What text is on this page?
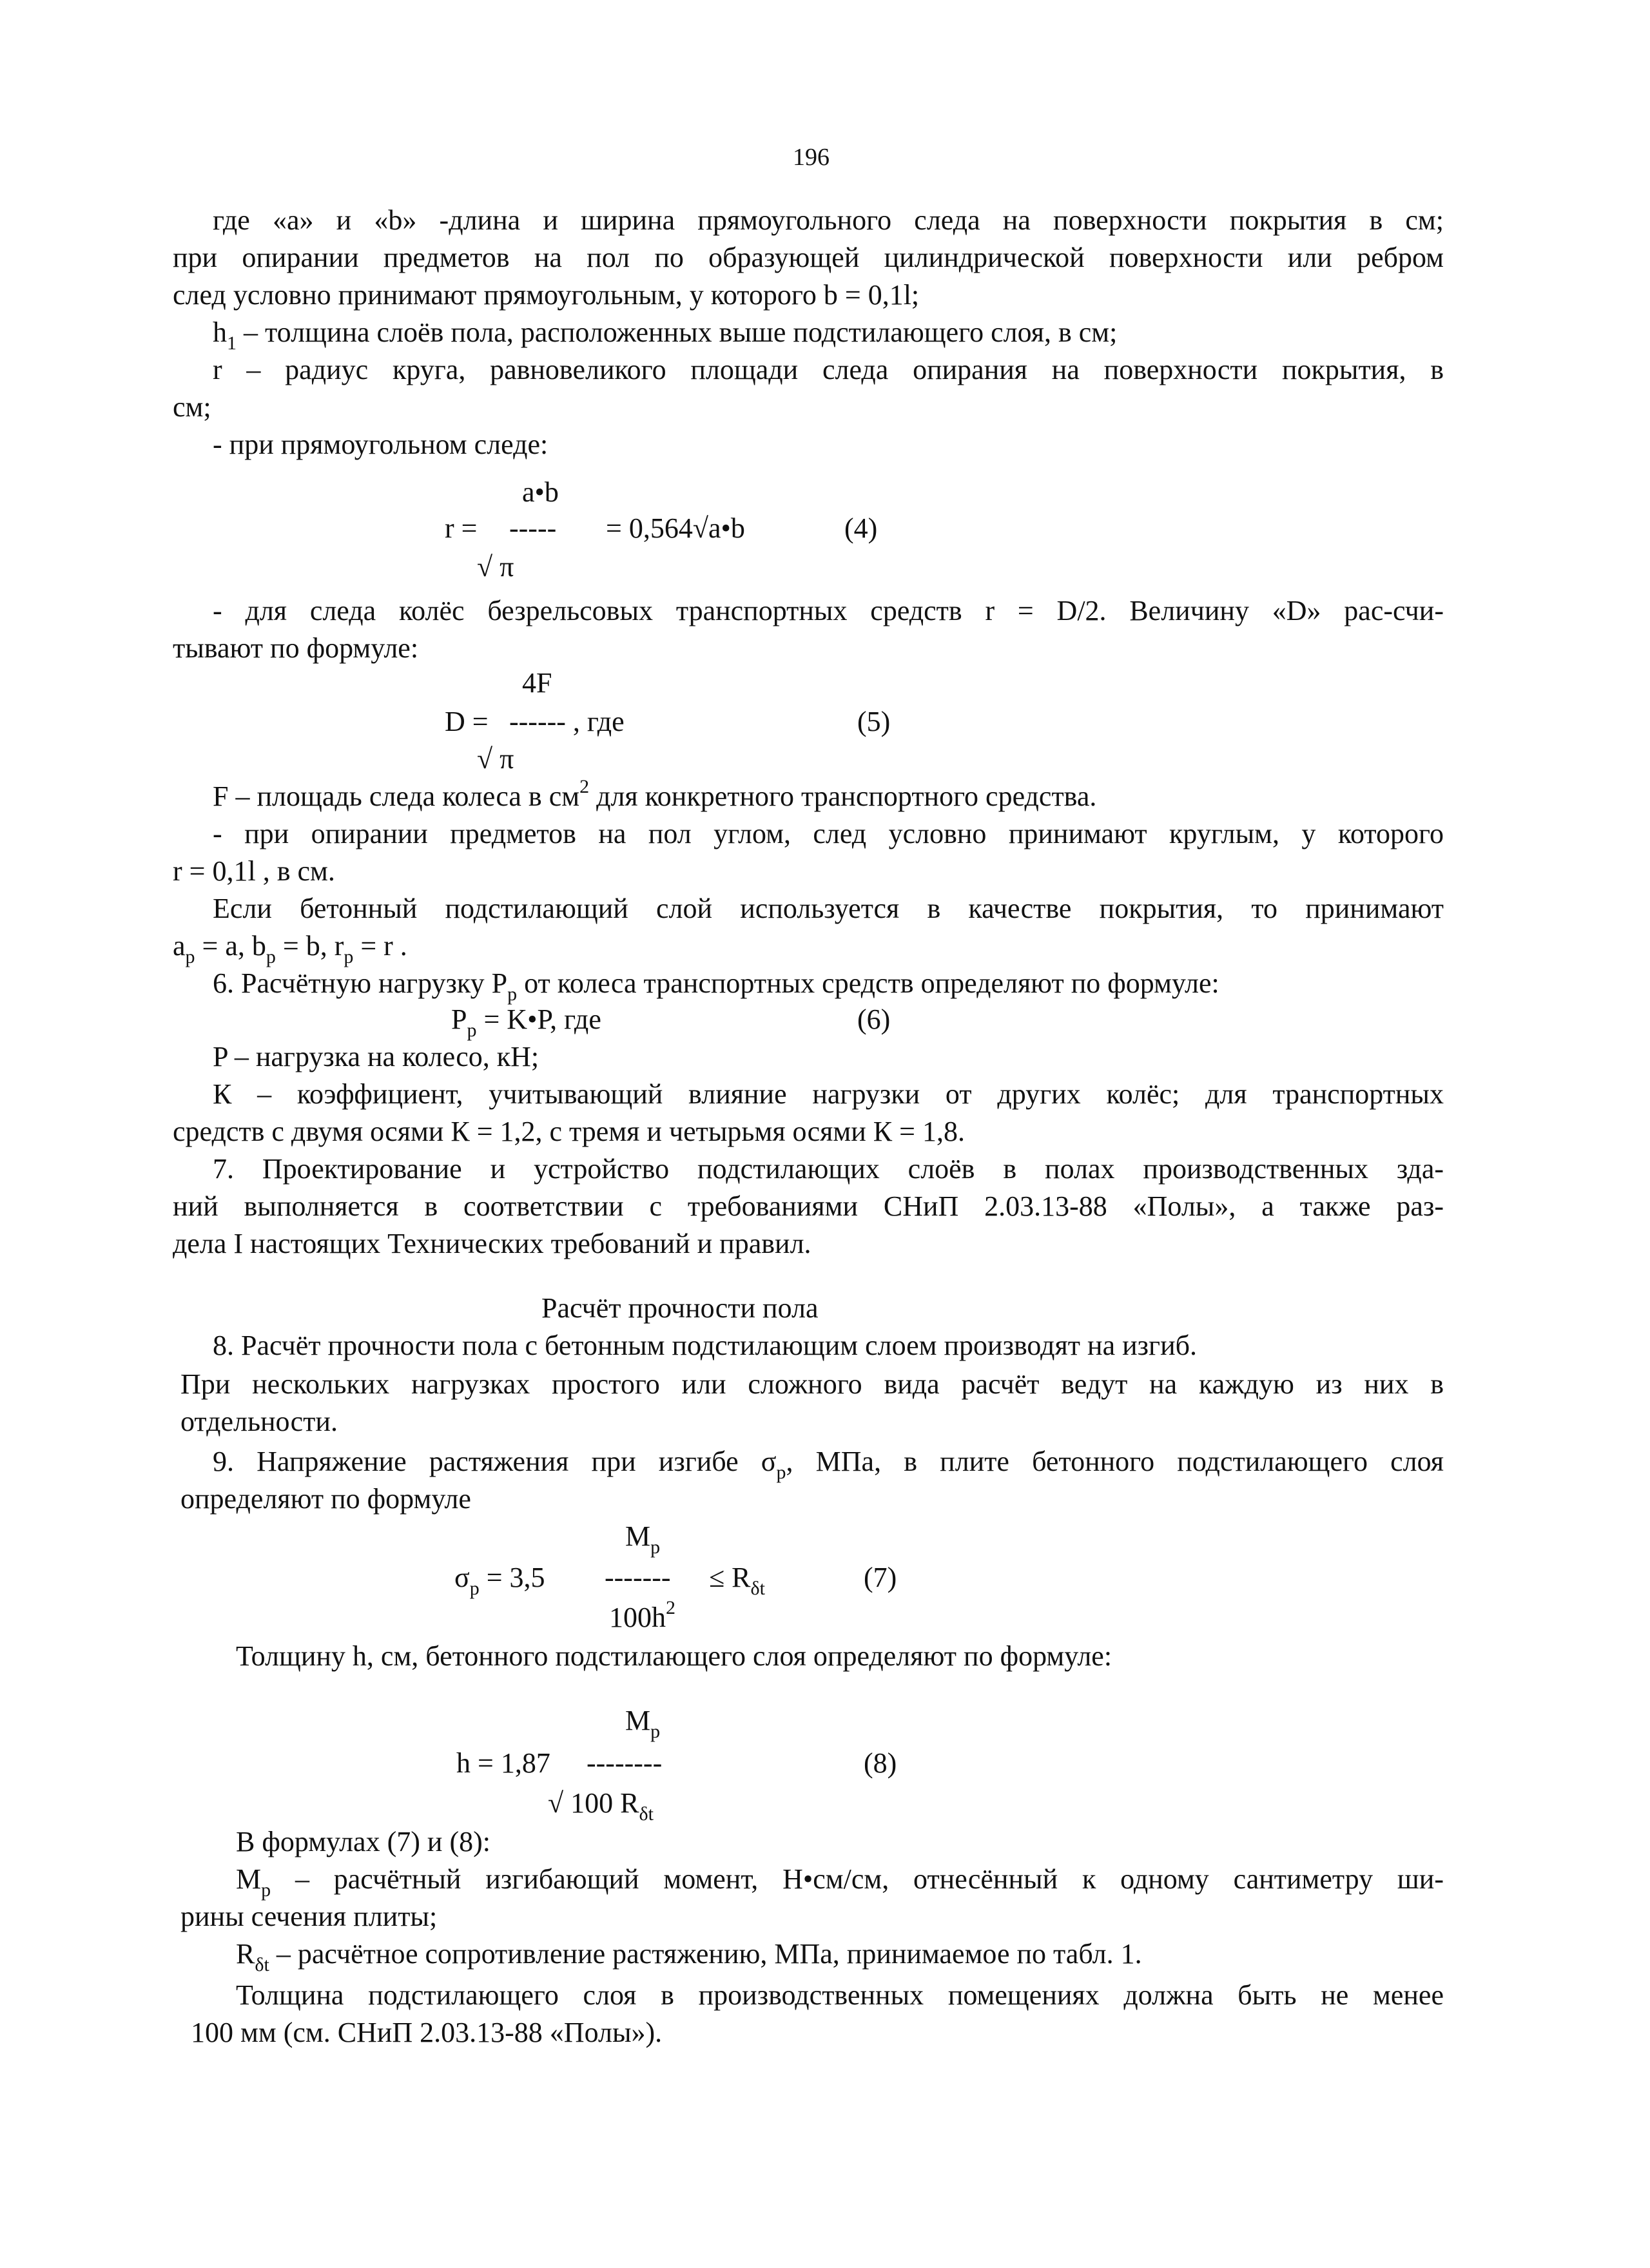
196

где «а» и «b» -длина и ширина прямоугольного следа на поверхности покрытия в см;

при опирании предметов на пол по образующей цилиндрической поверхности или ребром

след условно принимают прямоугольным, у которого b = 0,1l;

$h_1$ – толщина слоёв пола, расположенных выше подстилающего слоя, в см;

r – радиус круга, равновеликого площади следа опирания на поверхности покрытия, в

см;

- при прямоугольном следе:

a•b
r = ----- = 0,564√a•b	(4)
√ π

- для следа колёс безрельсовых транспортных средств r = D/2. Величину «D» рас-счи-

тывают по формуле:

4F
D = ------ , где	(5)
√ π

F – площадь следа колеса в $см^2$ для конкретного транспортного средства.

- при опирании предметов на пол углом, след условно принимают круглым, у которого

r = 0,1l , в см.

Если бетонный подстилающий слой используется в качестве покрытия, то принимают

$a_p = a$, $b_p = b$, $r_p = r$ .

6. Расчётную нагрузку $P_p$ от колеса транспортных средств определяют по формуле:

$P_p$ = K•P, где	(6)

P – нагрузка на колесо, кН;

К – коэффициент, учитывающий влияние нагрузки от других колёс; для транспортных

средств с двумя осями К = 1,2, с тремя и четырьмя осями К = 1,8.

7. Проектирование и устройство подстилающих слоёв в полах производственных зда-

ний выполняется в соответствии с требованиями СНиП 2.03.13-88 «Полы», а также раз-

дела I настоящих Технических требований и правил.

Расчёт прочности пола

8. Расчёт прочности пола с бетонным подстилающим слоем производят на изгиб.

При нескольких нагрузках простого или сложного вида расчёт ведут на каждую из них в

отдельности.

9. Напряжение растяжения при изгибе $\sigma_p$, МПа, в плите бетонного подстилающего слоя

определяют по формуле

$M_p$
$\sigma_p = 3,5$ ------- ≤ $R_{\delta t}$	(7)
$100h^2$

Толщину h, см, бетонного подстилающего слоя определяют по формуле:

$M_p$
h = 1,87 --------	(8)
√ 100 $R_{\delta t}$

В формулах (7) и (8):

$M_p$ – расчётный изгибающий момент, Н•см/см, отнесённый к одному сантиметру ши-

рины сечения плиты;

$R_{\delta t}$ – расчётное сопротивление растяжению, МПа, принимаемое по табл. 1.

Толщина подстилающего слоя в производственных помещениях должна быть не менее

100 мм (см. СНиП 2.03.13-88 «Полы»).
